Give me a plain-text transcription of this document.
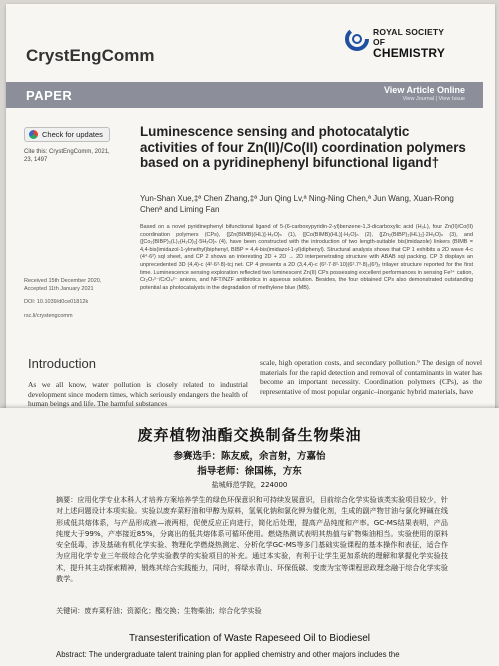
CrystEngComm
ROYAL SOCIETY
OF
CHEMISTRY
PAPER	View Article Online
View Journal | View Issue
Check for updates
Cite this: CrystEngComm, 2021, 23, 1497
Luminescence sensing and photocatalytic activities of four Zn(II)/Co(II) coordination polymers based on a pyridinephenyl bifunctional ligand†
Yun-Shan Xue,‡ª Chen Zhang,‡ª Jun Qing Lv,ª Ning-Ning Chen,ª Jun Wang, Xuan-Rong Chenª and Liming Fan
Based on a novel pyridinephenyl bifunctional ligand of 5-(6-carboxypyridin-2-yl)benzene-1,3-dicarboxylic acid (H₃L), four Zn(II)/Co(II) coordination polymers (CPs), {[Zn(BIMB)(HL)]·H₂O}ₙ (1), {[Co(BIMB)(HL)]·H₂O}ₙ (2), {[Zn₂(BIBP)₂(HL)₂]·2H₂O}ₙ (3), and {[Co₂(BIBP)₂(L)₂(H₂O)₂]·5H₂O}ₙ (4), have been constructed with the introduction of two length-suitable bis(imidazole) linkers (BIMB = 4,4-bis(imidazol-1-ylmethyl)biphenyl, BIBP = 4,4-bis(imidazol-1-yl)diphenyl). Structural analysis shows that CP 1 exhibits a 2D wave 4-c (4⁴·6²) sql sheet, and CP 2 shows an interesting 2D + 2D → 2D interpenetrating structure with ABAB sql packing. CP 3 displays an unprecedented 3D (4,4)-c (4²·6³·8)-tcj net. CP 4 presents a 2D (3,4,4)-c (6²·7·8²·10)(6².7³·8)₂(6³)₂ trilayer structure reported for the first time. Luminescence sensing exploration reflected two luminescent Zn(II) CPs possessing excellent performances in sensing Fe³⁺ cation, Cr₂O₇²⁻/CrO₄²⁻ anions, and NFT/NZF antibiotics in aqueous solution. Besides, the four obtained CPs also demonstrated outstanding potential as photocatalysts in the degradation of methylene blue (MB).
Received 15th December 2020,
Accepted 11th January 2021
DOI: 10.1039/d0ce01812k
rsc.li/crystengcomm
Introduction
As we all know, water pollution is closely related to industrial development since modern times, which seriously endangers the health of human beings and life. The harmful substances
scale, high operation costs, and secondary pollution.⁹ The design of novel materials for the rapid detection and removal of contaminants in water has become an important necessity. Coordination polymers (CPs), as the representative of most popular organic–inorganic hybrid materials, have
废弃植物油酯交换制备生物柴油
参赛选手：陈友威，余言射，方嘉怡
指导老师：徐国栋，方东
盐城师范学院，224000
摘要：应用化学专业本科人才培养方案培养学生的绿色环保意识和可持续发展意识，目前综合化学实验该类实验项目较少，针对上述问题设计本项实验。实验以废弃菜籽油和甲醇为原料，氢氧化钠和氯化钾为催化剂，生成的副产物甘油与氯化钾碱在线形成低共熔体系，与产品形成液—液两相，促使反应正向进行，简化后处理，提高产品纯度和产率。GC-MS结果表明，产品纯度大于99%，产率接近85%，分离出的低共熔体系可循环使用。燃烧热测试表明其热值与矿物柴油相当。实验使用的原料安全低毒，涉及基础有机化学实验、物理化学燃烧热测定、分析化学GC-MS等多门基础实验课程的基本操作和表征，适合作为应用化学专业三年级综合化学实验教学的实验项目的补充。通过本实验，有利于让学生更加系统的理解和掌握化学实验技术，提升其主动探索精神，锻炼其综合实践能力，同时，将绿水青山、环保低碳、变废为宝等课程思政理念融于综合化学实验教学。
关键词：废弃菜籽油；资源化；酯交换；生物柴油；综合化学实验
Transesterification of Waste Rapeseed Oil to Biodiesel
Abstract: The undergraduate talent training plan for applied chemistry and other majors includes the
